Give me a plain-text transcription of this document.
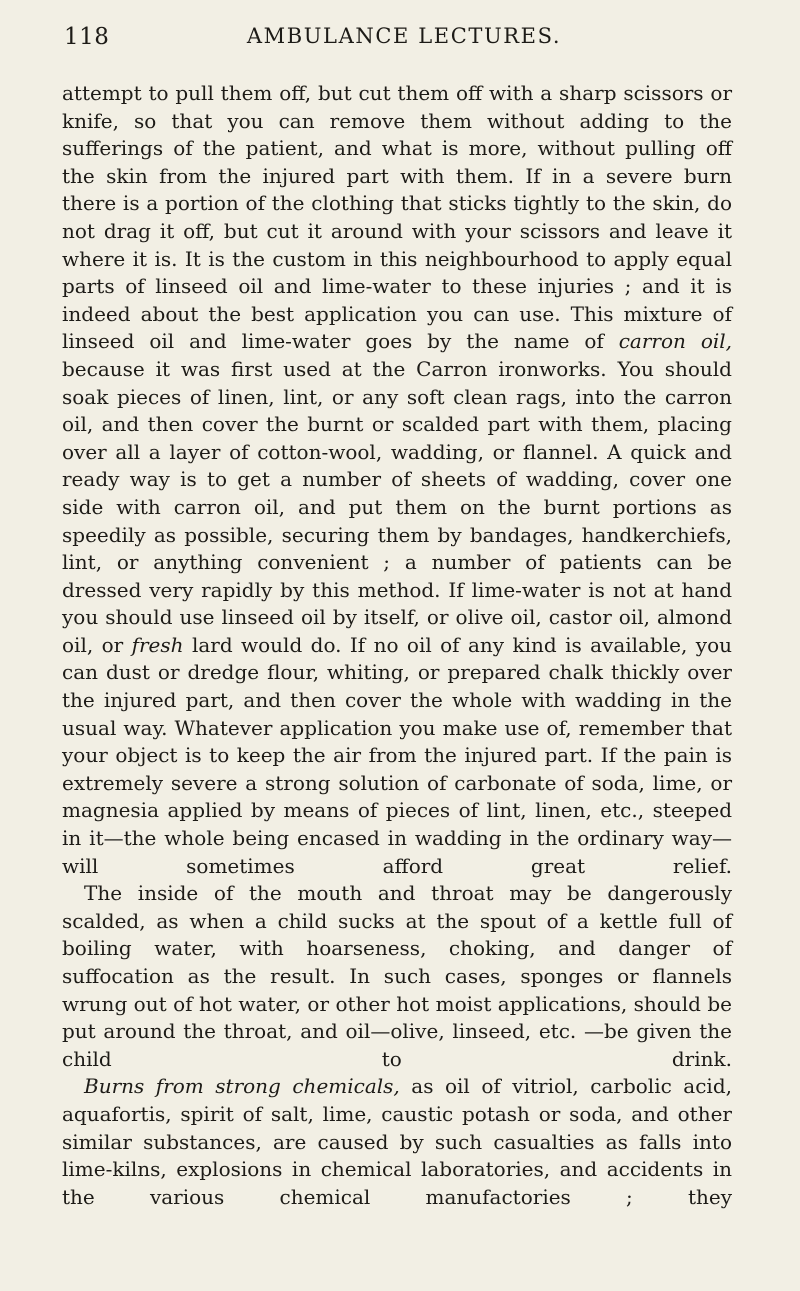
118	AMBULANCE LECTURES.

attempt to pull them off, but cut them off with a sharp scissors or knife, so that you can remove them without adding to the sufferings of the patient, and what is more, without pulling off the skin from the injured part with them. If in a severe burn there is a portion of the clothing that sticks tightly to the skin, do not drag it off, but cut it around with your scissors and leave it where it is. It is the custom in this neighbourhood to apply equal parts of linseed oil and lime-water to these injuries ; and it is indeed about the best application you can use. This mixture of linseed oil and lime-water goes by the name of carron oil, because it was first used at the Carron ironworks. You should soak pieces of linen, lint, or any soft clean rags, into the carron oil, and then cover the burnt or scalded part with them, placing over all a layer of cotton-wool, wadding, or flannel. A quick and ready way is to get a number of sheets of wadding, cover one side with carron oil, and put them on the burnt portions as speedily as possible, securing them by bandages, handkerchiefs, lint, or anything convenient ; a number of patients can be dressed very rapidly by this method. If lime-water is not at hand you should use linseed oil by itself, or olive oil, castor oil, almond oil, or fresh lard would do. If no oil of any kind is available, you can dust or dredge flour, whiting, or prepared chalk thickly over the injured part, and then cover the whole with wadding in the usual way. Whatever application you make use of, remember that your object is to keep the air from the injured part. If the pain is extremely severe a strong solution of carbonate of soda, lime, or magnesia applied by means of pieces of lint, linen, etc., steeped in it—the whole being encased in wadding in the ordinary way—will sometimes afford great relief.

The inside of the mouth and throat may be dangerously scalded, as when a child sucks at the spout of a kettle full of boiling water, with hoarseness, choking, and danger of suffocation as the result. In such cases, sponges or flannels wrung out of hot water, or other hot moist applications, should be put around the throat, and oil—olive, linseed, etc. —be given the child to drink.

Burns from strong chemicals, as oil of vitriol, carbolic acid, aquafortis, spirit of salt, lime, caustic potash or soda, and other similar substances, are caused by such casualties as falls into lime-kilns, explosions in chemical laboratories, and accidents in the various chemical manufactories ; they
